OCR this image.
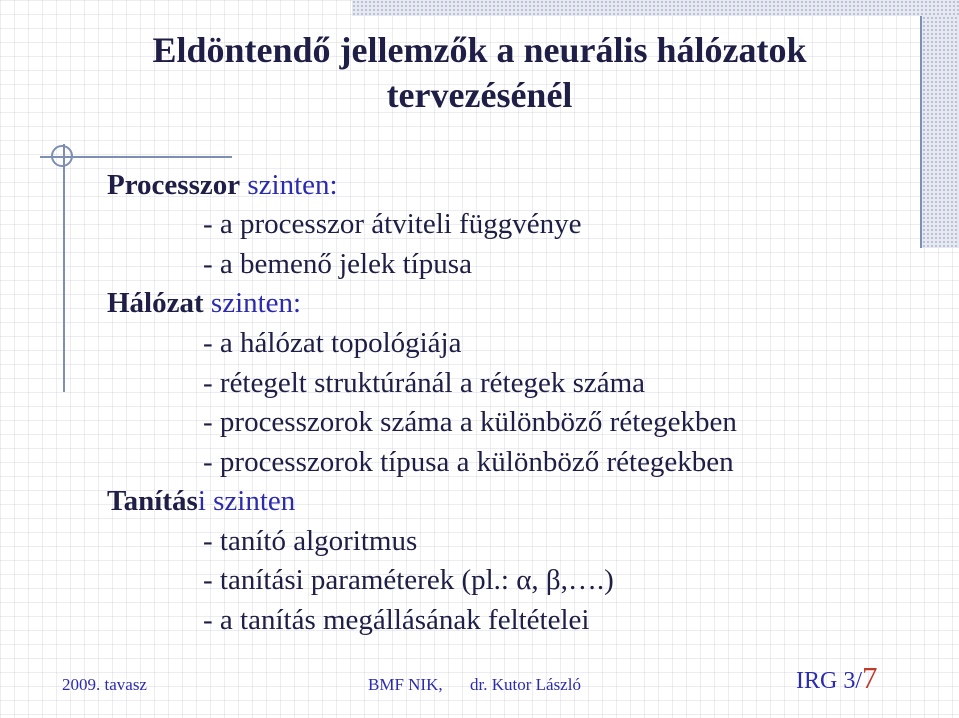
Eldöntendő jellemzők a neurális hálózatok
tervezésénél
Processzor szinten:
- a processzor átviteli függvénye
- a bemenő jelek típusa
Hálózat szinten:
- a hálózat topológiája
- rétegelt struktúránál a rétegek száma
- processzorok száma a különböző rétegekben
- processzorok típusa a különböző rétegekben
Tanítási szinten
- tanító algoritmus
- tanítási paraméterek (pl.: α, β,….)
- a tanítás megállásának feltételei
2009. tavasz	BMF NIK, dr. Kutor László	IRG 3/7
